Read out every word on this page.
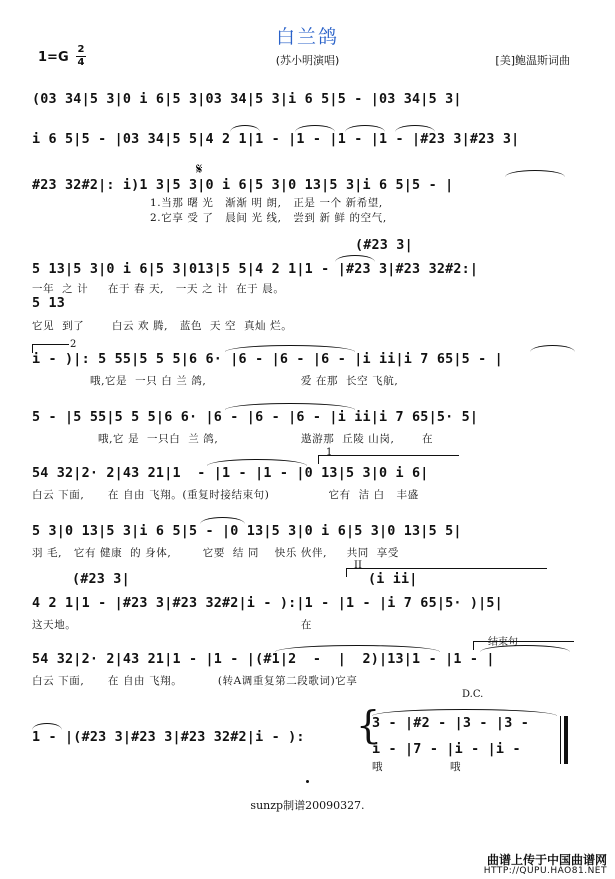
白兰鸽
1=G
2
4	(苏小明演唱)	[美]鲍温斯词曲
(03 34|5 3|0 i 6|5 3|03 34|5 3|i 6 5|5 - |03 34|5 3|
i 6 5|5 - |03 34|5 5|4 2 1|1 - |1 - |1 - |1 - |#23 3|#23 3|
𝄋
#23 32#2|: i)1 3|5 3|0 i 6|5 3|0 13|5 3|i 6 5|5 - |
1.当那 曙 光   渐渐 明 朗,   正是 一个 新希望,
2.它享 受 了   晨间 光 线,   尝到 新 鲜 的空气,
(#23 3|
5 13|5 3|0 i 6|5 3|013|5 5|4 2 1|1 - |#23 3|#23 32#2:|
一年  之 计     在于 春 天,   一天 之 计  在于 晨。
5 13
它见  到了       白云 欢 腾,   蓝色  天 空  真灿 烂。
2
i - )|: 5 55|5 5 5|6 6· |6 - |6 - |6 - |i ii|i 7 65|5 - |
哦,它是  一只 白 兰 鸽,                        爱 在那  长空 飞航,
5 - |5 55|5 5 5|6 6· |6 - |6 - |6 - |i ii|i 7 65|5· 5|
哦,它 是  一只白  兰 鸽,                     遨游那  丘陵 山岗,       在
1
54 32|2· 2|43 21|1  - |1 - |1 - |0 13|5 3|0 i 6|
白云 下面,      在 自由 飞翔。(重复时接结束句)               它有  洁 白   丰盛
5 3|0 13|5 3|i 6 5|5 - |0 13|5 3|0 i 6|5 3|0 13|5 5|
羽 毛,   它有 健康  的 身体,        它要  结 同    快乐 伙伴,     共同  享受
(#23 3|
II
(i ii|
4 2 1|1 - |#23 3|#23 32#2|i - ):|1 - |1 - |i 7 65|5· )|5|
这天地。                                                         在
结束句
54 32|2· 2|43 21|1 - |1 - |(#1|2  -  |  2)|13|1 - |1 - |
白云 下面,      在 自由 飞翔。         (转A调重复第二段歌词)它享
D.C.
1 - |(#23 3|#23 3|#23 32#2|i - ): {
3 - |#2 - |3 - |3 -
i - |7 - |i - |i -
哦                 哦
sunzp制谱20090327.
曲谱上传于中国曲谱网
HTTP://QUPU.HAO81.NET
